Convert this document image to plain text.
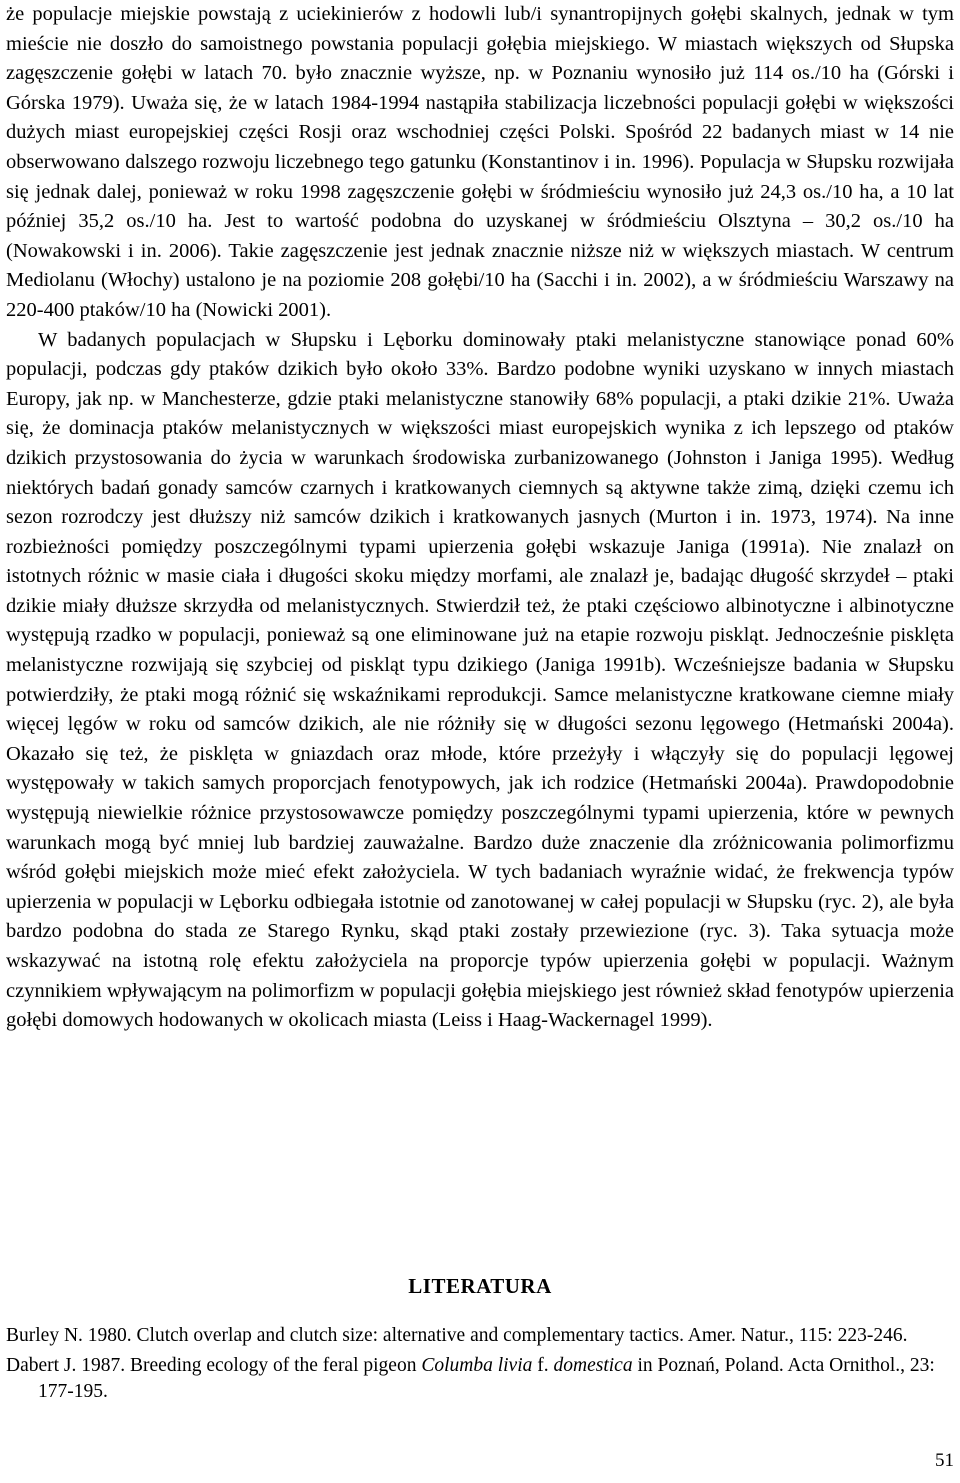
że populacje miejskie powstają z uciekinierów z hodowli lub/i synantropijnych gołębi skalnych, jednak w tym mieście nie doszło do samoistnego powstania populacji gołębia miejskiego. W miastach większych od Słupska zagęszczenie gołębi w latach 70. było znacznie wyższe, np. w Poznaniu wynosiło już 114 os./10 ha (Górski i Górska 1979). Uważa się, że w latach 1984-1994 nastąpiła stabilizacja liczebności populacji gołębi w większości dużych miast europejskiej części Rosji oraz wschodniej części Polski. Spośród 22 badanych miast w 14 nie obserwowano dalszego rozwoju liczebnego tego gatunku (Konstantinov i in. 1996). Populacja w Słupsku rozwijała się jednak dalej, ponieważ w roku 1998 zagęszczenie gołębi w śródmieściu wynosiło już 24,3 os./10 ha, a 10 lat później 35,2 os./10 ha. Jest to wartość podobna do uzyskanej w śródmieściu Olsztyna – 30,2 os./10 ha (Nowakowski i in. 2006). Takie zagęszczenie jest jednak znacznie niższe niż w większych miastach. W centrum Mediolanu (Włochy) ustalono je na poziomie 208 gołębi/10 ha (Sacchi i in. 2002), a w śródmieściu Warszawy na 220-400 ptaków/10 ha (Nowicki 2001).

W badanych populacjach w Słupsku i Lęborku dominowały ptaki melanistyczne stanowiące ponad 60% populacji, podczas gdy ptaków dzikich było około 33%. Bardzo podobne wyniki uzyskano w innych miastach Europy, jak np. w Manchesterze, gdzie ptaki melanistyczne stanowiły 68% populacji, a ptaki dzikie 21%. Uważa się, że dominacja ptaków melanistycznych w większości miast europejskich wynika z ich lepszego od ptaków dzikich przystosowania do życia w warunkach środowiska zurbanizowanego (Johnston i Janiga 1995). Według niektórych badań gonady samców czarnych i kratkowanych ciemnych są aktywne także zimą, dzięki czemu ich sezon rozrodczy jest dłuższy niż samców dzikich i kratkowanych jasnych (Murton i in. 1973, 1974). Na inne rozbieżności pomiędzy poszczególnymi typami upierzenia gołębi wskazuje Janiga (1991a). Nie znalazł on istotnych różnic w masie ciała i długości skoku między morfami, ale znalazł je, badając długość skrzydeł – ptaki dzikie miały dłuższe skrzydła od melanistycznych. Stwierdził też, że ptaki częściowo albinotyczne i albinotyczne występują rzadko w populacji, ponieważ są one eliminowane już na etapie rozwoju piskląt. Jednocześnie pisklęta melanistyczne rozwijają się szybciej od piskląt typu dzikiego (Janiga 1991b). Wcześniejsze badania w Słupsku potwierdziły, że ptaki mogą różnić się wskaźnikami reprodukcji. Samce melanistyczne kratkowane ciemne miały więcej lęgów w roku od samców dzikich, ale nie różniły się w długości sezonu lęgowego (Hetmański 2004a). Okazało się też, że pisklęta w gniazdach oraz młode, które przeżyły i włączyły się do populacji lęgowej występowały w takich samych proporcjach fenotypowych, jak ich rodzice (Hetmański 2004a). Prawdopodobnie występują niewielkie różnice przystosowawcze pomiędzy poszczególnymi typami upierzenia, które w pewnych warunkach mogą być mniej lub bardziej zauważalne. Bardzo duże znaczenie dla zróżnicowania polimorfizmu wśród gołębi miejskich może mieć efekt założyciela. W tych badaniach wyraźnie widać, że frekwencja typów upierzenia w populacji w Lęborku odbiegała istotnie od zanotowanej w całej populacji w Słupsku (ryc. 2), ale była bardzo podobna do stada ze Starego Rynku, skąd ptaki zostały przewiezione (ryc. 3). Taka sytuacja może wskazywać na istotną rolę efektu założyciela na proporcje typów upierzenia gołębi w populacji. Ważnym czynnikiem wpływającym na polimorfizm w populacji gołębia miejskiego jest również skład fenotypów upierzenia gołębi domowych hodowanych w okolicach miasta (Leiss i Haag-Wackernagel 1999).

LITERATURA

Burley N. 1980. Clutch overlap and clutch size: alternative and complementary tactics. Amer. Natur., 115: 223-246.

Dabert J. 1987. Breeding ecology of the feral pigeon Columba livia f. domestica in Poznań, Poland. Acta Ornithol., 23: 177-195.

51
